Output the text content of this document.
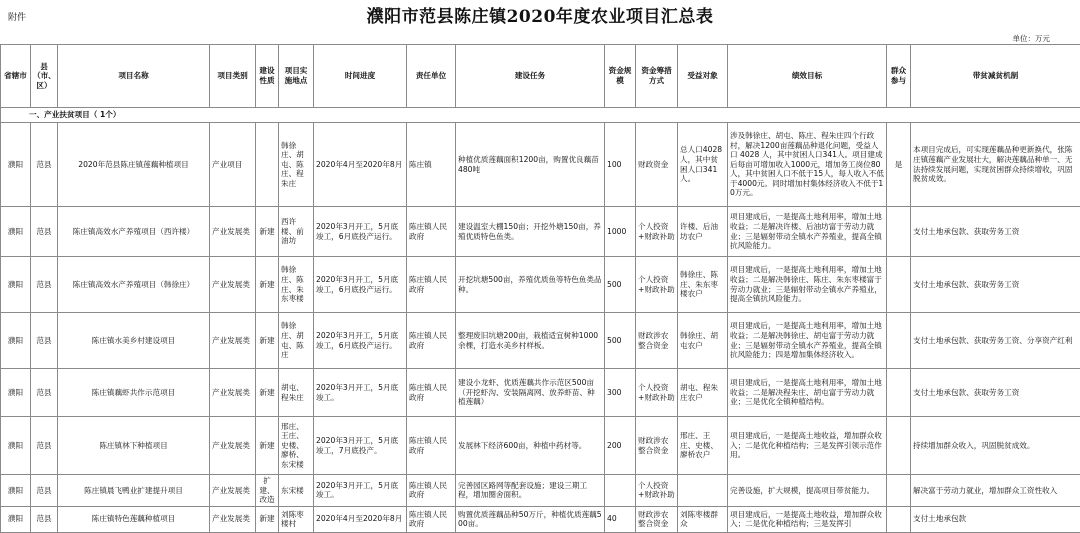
附件	濮阳市范县陈庄镇2020年度农业项目汇总表
单位：万元
省辖市	县（市、区）	项目名称	项目类别	建设性质	项目实施地点	时间进度	责任单位	建设任务	资金规模	资金筹措方式	受益对象	绩效目标	群众参与	带贫减贫机制
一、产业扶贫项目（ 1个）														
濮阳	范县	2020年范县陈庄镇莲藕种植项目	产业项目		韩徐庄、胡屯、陈庄、程朱庄	2020年4月至2020年8月	陈庄镇	种植优质莲藕面积1200亩，购置优良藕苗480吨	100	财政资金	总人口4028人，其中贫困人口341人。	涉及韩徐庄、胡屯、陈庄、程朱庄四个行政村，解决1200亩莲藕品种退化问题，受益人口 4028 人，其中贫困人口341人。项目建成后每亩可增加收入1000元，增加务工岗位80人，其中贫困人口不低于15人，每人收入不低于4000元。同时增加村集体经济收入不低于10万元。	是	本项目完成后，可实现莲藕品种更新换代，张陈庄镇莲藕产业发展壮大，解决莲藕品种单一、无法持续发展问题，实现贫困群众持续增收，巩固脱贫成效。
濮阳	范县	陈庄镇高效水产养殖项目（西许楼）	产业发展类	新建	西许楼、前油坊	2020年3月开工，5月底竣工，6月底投产运行。	陈庄镇人民政府	建设温室大棚150亩；开挖外塘150亩，养殖优质特色鱼类。	1000	个人投资+财政补助	许楼、后油坊农户	项目建成后，一是提高土地利用率，增加土地收益；二是解决许楼、后油坊富于劳动力就业；三是辐射带动全镇水产养殖业，提高全镇抗风险能力。		支付土地承包款、获取劳务工资
濮阳	范县	陈庄镇高效水产养殖项目（韩徐庄）	产业发展类	新建	韩徐庄、陈庄、朱东枣楼	2020年3月开工，5月底竣工，6月底投产运行。	陈庄镇人民政府	开挖坑塘500亩，养殖优质鱼等特色鱼类品种。	500	个人投资+财政补助	韩徐庄、陈庄、朱东枣楼农户	项目建成后，一是提高土地利用率，增加土地收益；二是解决韩徐庄、陈庄、朱东枣楼富于劳动力就业；三是辐射带动全镇水产养殖业，提高全镇抗风险能力。		支付土地承包款、获取劳务工资
濮阳	范县	陈庄镇水美乡村建设项目	产业发展类	新建	韩徐庄、胡屯、陈庄	2020年3月开工，5月底竣工，6月底投产运行。	陈庄镇人民政府	整理废旧坑塘200亩，栽植适宜树种1000余棵，打造水美乡村样板。	500	财政涉农整合资金	韩徐庄、胡屯农户	项目建成后，一是提高土地利用率，增加土地收益；二是解决韩徐庄、胡屯富于劳动力就业；三是辐射带动全镇水产养殖业，提高全镇抗风险能力；四是增加集体经济收入。		支付土地承包款、获取劳务工资、分享资产红利
濮阳	范县	陈庄镇藕虾共作示范项目	产业发展类	新建	胡屯、程朱庄	2020年3月开工，5月底竣工。	陈庄镇人民政府	建设小龙虾、优质莲藕共作示范区500亩（开挖虾沟、安装隔离网、放养虾苗、种植莲藕）	300	个人投资+财政补助	胡屯、程朱庄农户	项目建成后，一是提高土地利用率，增加土地收益；二是解决程朱庄、胡屯富于劳动力就业；三是优化全镇种植结构。		支付土地承包款、获取劳务工资
濮阳	范县	陈庄镇林下种植项目	产业发展类	新建	邢庄、王庄、史楼、廖桥、东宋楼	2020年3月开工，5月底竣工，7月底投产。	陈庄镇人民政府	发展林下经济600亩，种植中药材等。	200	财政涉农整合资金	邢庄、王庄、史楼、廖桥农户	项目建成后，一是提高土地收益，增加群众收入；二是优化种植结构；三是发挥引领示范作用。		持续增加群众收入，巩固脱贫成效。
濮阳	范县	陈庄镇晨飞鸭业扩建提升项目	产业发展类	扩建、改造	东宋楼	2020年3月开工，5月底竣工。	陈庄镇人民政府	完善园区路网等配套设施；建设三期工程，增加圈舍面积。		个人投资+财政补助		完善设施，扩大规模，提高项目带贫能力。		解决富于劳动力就业，增加群众工资性收入
濮阳	范县	陈庄镇特色莲藕种植项目	产业发展类	新建	刘陈枣楼村	2020年4月至2020年8月	陈庄镇人民政府	购置优质莲藕品种50万斤，种植优质莲藕500亩。	40	财政涉农整合资金	刘陈枣楼群众	项目建成后，一是提高土地收益，增加群众收入；二是优化种植结构；三是发挥引		支付土地承包款
